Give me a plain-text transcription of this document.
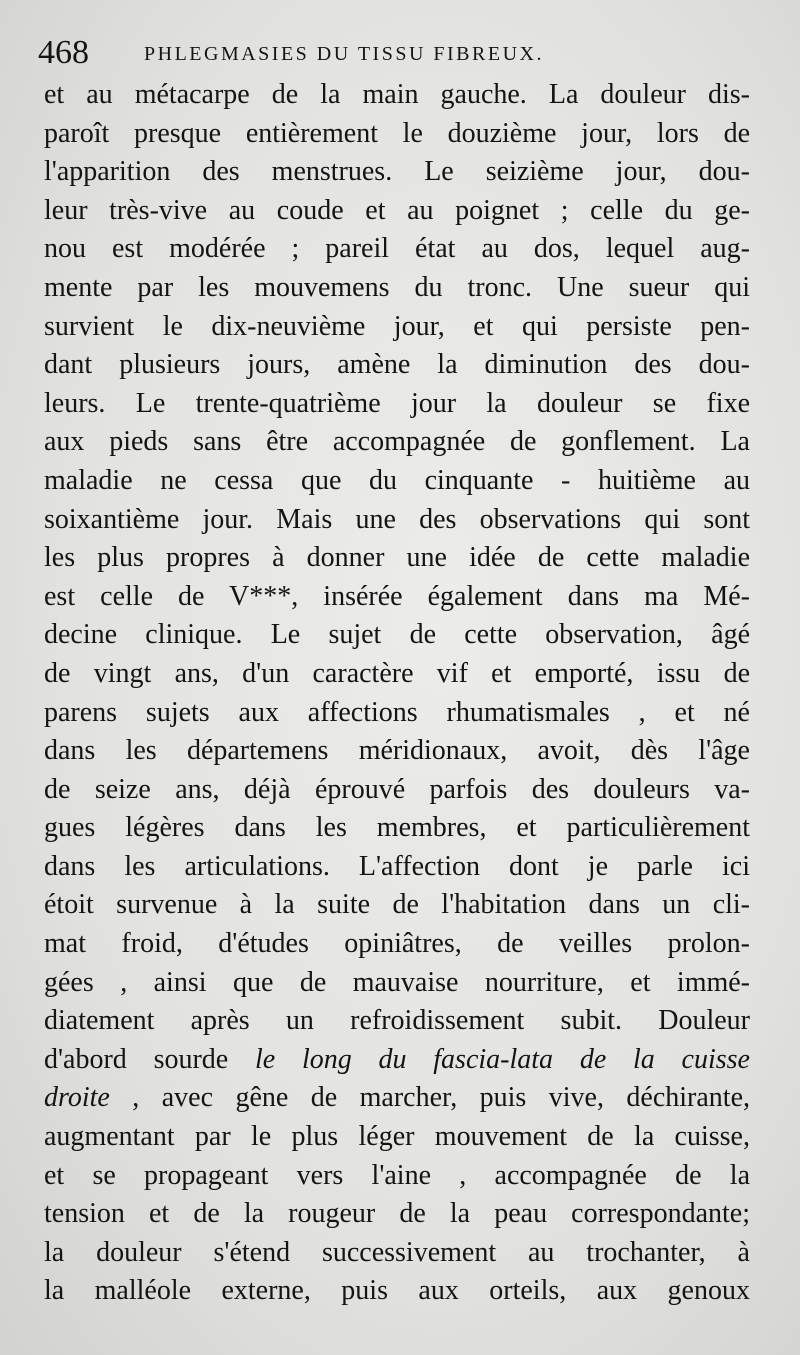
468	PHLEGMASIES DU TISSU FIBREUX.
et au métacarpe de la main gauche. La douleur dis-
paroît presque entièrement le douzième jour, lors de
l'apparition des menstrues. Le seizième jour, dou-
leur très-vive au coude et au poignet ; celle du ge-
nou est modérée ; pareil état au dos, lequel aug-
mente par les mouvemens du tronc. Une sueur qui
survient le dix-neuvième jour, et qui persiste pen-
dant plusieurs jours, amène la diminution des dou-
leurs. Le trente-quatrième jour la douleur se fixe
aux pieds sans être accompagnée de gonflement. La
maladie ne cessa que du cinquante - huitième au
soixantième jour. Mais une des observations qui sont
les plus propres à donner une idée de cette maladie
est celle de V***, insérée également dans ma Mé-
decine clinique. Le sujet de cette observation, âgé
de vingt ans, d'un caractère vif et emporté, issu de
parens sujets aux affections rhumatismales , et né
dans les départemens méridionaux, avoit, dès l'âge
de seize ans, déjà éprouvé parfois des douleurs va-
gues légères dans les membres, et particulièrement
dans les articulations. L'affection dont je parle ici
étoit survenue à la suite de l'habitation dans un cli-
mat froid, d'études opiniâtres, de veilles prolon-
gées , ainsi que de mauvaise nourriture, et immé-
diatement après un refroidissement subit. Douleur
d'abord sourde le long du fascia-lata de la cuisse
droite , avec gêne de marcher, puis vive, déchirante,
augmentant par le plus léger mouvement de la cuisse,
et se propageant vers l'aine , accompagnée de la
tension et de la rougeur de la peau correspondante;
la douleur s'étend successivement au trochanter, à
la malléole externe, puis aux orteils, aux genoux
